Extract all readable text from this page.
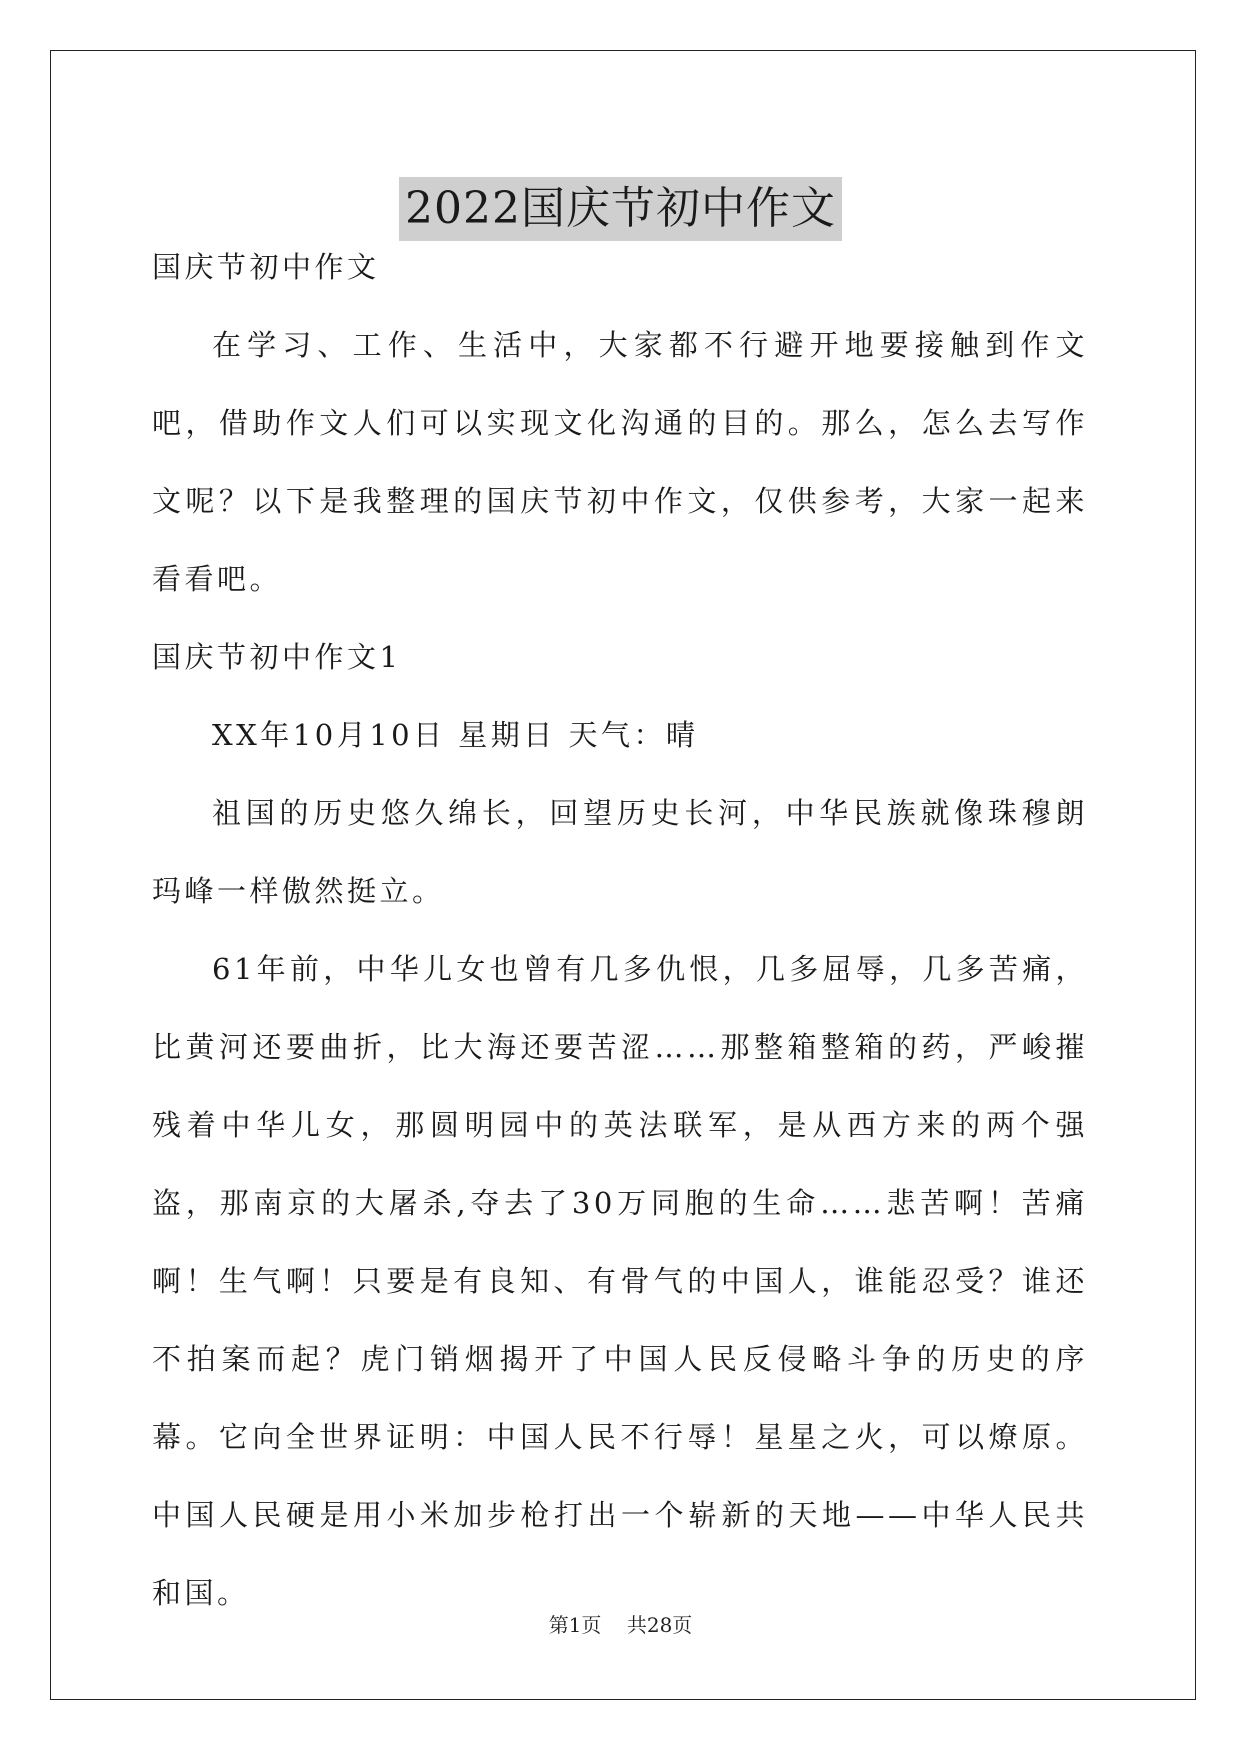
2022国庆节初中作文

国庆节初中作文

在学习、工作、生活中，大家都不行避开地要接触到作文吧，借助作文人们可以实现文化沟通的目的。那么，怎么去写作文呢？以下是我整理的国庆节初中作文，仅供参考，大家一起来看看吧。

国庆节初中作文1

XX年10月10日 星期日 天气：晴

祖国的历史悠久绵长，回望历史长河，中华民族就像珠穆朗玛峰一样傲然挺立。

61年前，中华儿女也曾有几多仇恨，几多屈辱，几多苦痛，比黄河还要曲折，比大海还要苦涩……那整箱整箱的药，严峻摧残着中华儿女，那圆明园中的英法联军，是从西方来的两个强盗，那南京的大屠杀,夺去了30万同胞的生命……悲苦啊！苦痛啊！生气啊！只要是有良知、有骨气的中国人，谁能忍受？谁还不拍案而起？虎门销烟揭开了中国人民反侵略斗争的历史的序幕。它向全世界证明：中国人民不行辱！星星之火，可以燎原。中国人民硬是用小米加步枪打出一个崭新的天地——中华人民共和国。

第1页 共28页
